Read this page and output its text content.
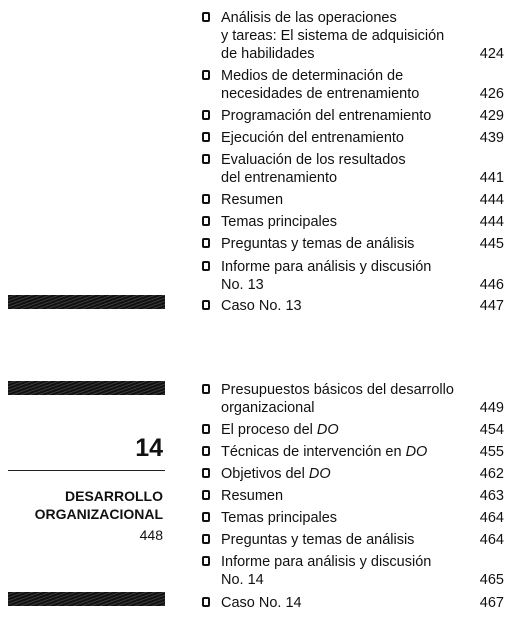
14
DESARROLLO
ORGANIZACIONAL
448
Análisis de las operaciones
y tareas: El sistema de adquisición
de habilidades	424
Medios de determinación de
necesidades de entrenamiento	426
Programación del entrenamiento	429
Ejecución del entrenamiento	439
Evaluación de los resultados
del entrenamiento	441
Resumen	444
Temas principales	444
Preguntas y temas de análisis	445
Informe para análisis y discusión
No. 13	446
Caso No. 13	447
Presupuestos básicos del desarrollo
organizacional	449
El proceso del DO	454
Técnicas de intervención en DO	455
Objetivos del DO	462
Resumen	463
Temas principales	464
Preguntas y temas de análisis	464
Informe para análisis y discusión
No. 14	465
Caso No. 14	467
